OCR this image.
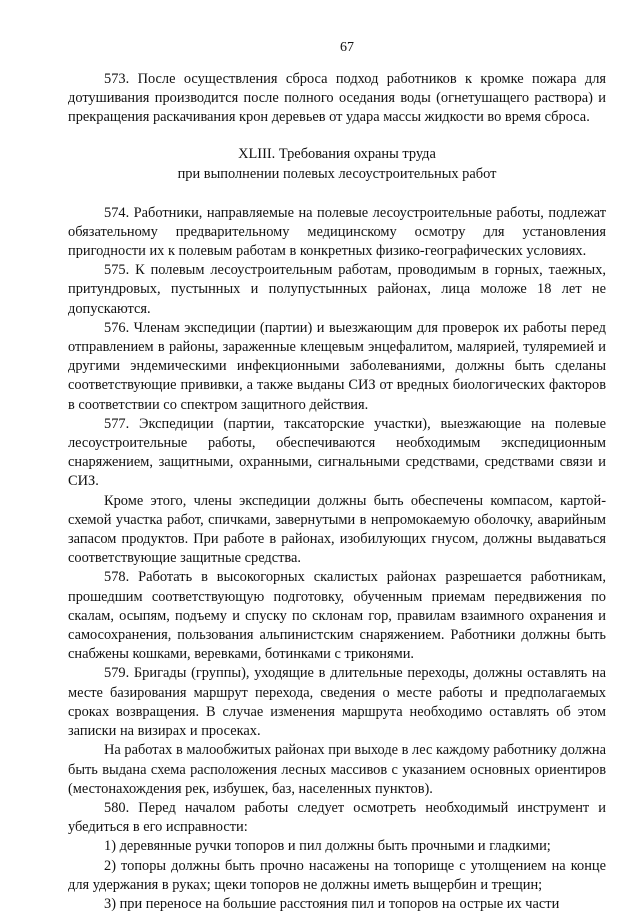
67

573. После осуществления сброса подход работников к кромке пожара для дотушивания производится после полного оседания воды (огнетушащего раствора) и прекращения раскачивания крон деревьев от удара массы жидкости во время сброса.

XLIII. Требования охраны труда
при выполнении полевых лесоустроительных работ

574. Работники, направляемые на полевые лесоустроительные работы, подлежат обязательному предварительному медицинскому осмотру для установления пригодности их к полевым работам в конкретных физико-географических условиях.

575. К полевым лесоустроительным работам, проводимым в горных, таежных, притундровых, пустынных и полупустынных районах, лица моложе 18 лет не допускаются.

576. Членам экспедиции (партии) и выезжающим для проверок их работы перед отправлением в районы, зараженные клещевым энцефалитом, малярией, туляремией и другими эндемическими инфекционными заболеваниями, должны быть сделаны соответствующие прививки, а также выданы СИЗ от вредных биологических факторов в соответствии со спектром защитного действия.

577. Экспедиции (партии, таксаторские участки), выезжающие на полевые лесоустроительные работы, обеспечиваются необходимым экспедиционным снаряжением, защитными, охранными, сигнальными средствами, средствами связи и СИЗ.

Кроме этого, члены экспедиции должны быть обеспечены компасом, картой-схемой участка работ, спичками, завернутыми в непромокаемую оболочку, аварийным запасом продуктов. При работе в районах, изобилующих гнусом, должны выдаваться соответствующие защитные средства.

578. Работать в высокогорных скалистых районах разрешается работникам, прошедшим соответствующую подготовку, обученным приемам передвижения по скалам, осыпям, подъему и спуску по склонам гор, правилам взаимного охранения и самосохранения, пользования альпинистским снаряжением. Работники должны быть снабжены кошками, веревками, ботинками с триконями.

579. Бригады (группы), уходящие в длительные переходы, должны оставлять на месте базирования маршрут перехода, сведения о месте работы и предполагаемых сроках возвращения. В случае изменения маршрута необходимо оставлять об этом записки на визирах и просеках.

На работах в малообжитых районах при выходе в лес каждому работнику должна быть выдана схема расположения лесных массивов с указанием основных ориентиров (местонахождения рек, избушек, баз, населенных пунктов).

580. Перед началом работы следует осмотреть необходимый инструмент и убедиться в его исправности:

1) деревянные ручки топоров и пил должны быть прочными и гладкими;

2) топоры должны быть прочно насажены на топорище с утолщением на конце для удержания в руках; щеки топоров не должны иметь выщербин и трещин;

3) при переносе на большие расстояния пил и топоров на острые их части
